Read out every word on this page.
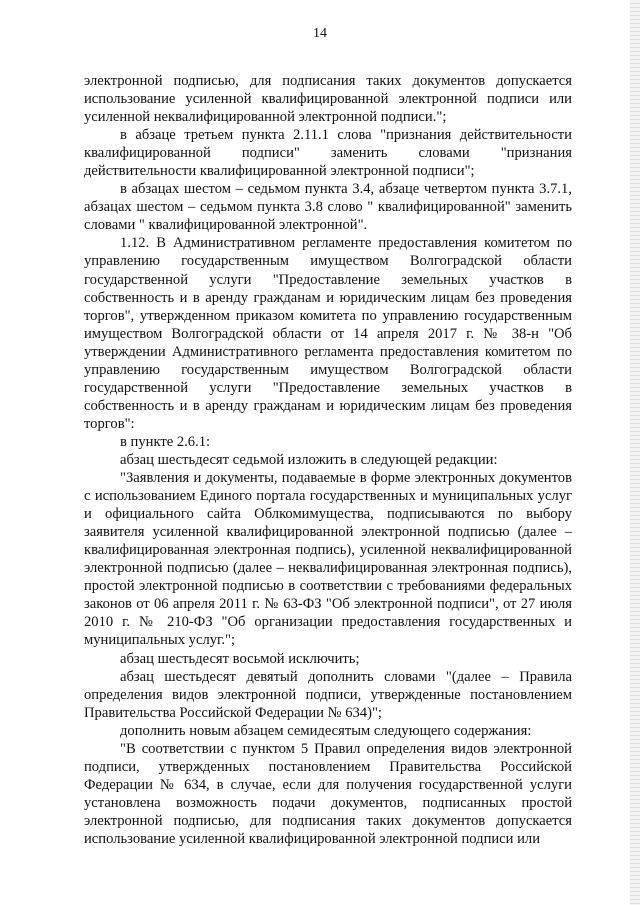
14

электронной подписью, для подписания таких документов допускается использование усиленной квалифицированной электронной подписи или усиленной неквалифицированной электронной подписи.";

в абзаце третьем пункта 2.11.1 слова "признания действительности квалифицированной подписи" заменить словами "признания действительности квалифицированной электронной подписи";

в абзацах шестом – седьмом пункта 3.4, абзаце четвертом пункта 3.7.1, абзацах шестом – седьмом пункта 3.8 слово " квалифицированной" заменить словами " квалифицированной электронной".

1.12. В Административном регламенте предоставления комитетом по управлению государственным имуществом Волгоградской области государственной услуги "Предоставление земельных участков в собственность и в аренду гражданам и юридическим лицам без проведения торгов", утвержденном приказом комитета по управлению государственным имуществом Волгоградской области от 14 апреля 2017 г. № 38-н "Об утверждении Административного регламента предоставления комитетом по управлению государственным имуществом Волгоградской области государственной услуги "Предоставление земельных участков в собственность и в аренду гражданам и юридическим лицам без проведения торгов":

в пункте 2.6.1:

абзац шестьдесят седьмой изложить в следующей редакции:

"Заявления и документы, подаваемые в форме электронных документов с использованием Единого портала государственных и муниципальных услуг и официального сайта Облкомимущества, подписываются по выбору заявителя усиленной квалифицированной электронной подписью (далее – квалифицированная электронная подпись), усиленной неквалифицированной электронной подписью (далее – неквалифицированная электронная подпись), простой электронной подписью в соответствии с требованиями федеральных законов от 06 апреля 2011 г. № 63-ФЗ "Об электронной подписи", от 27 июля 2010 г. № 210-ФЗ "Об организации предоставления государственных и муниципальных услуг.";

абзац шестьдесят восьмой исключить;

абзац шестьдесят девятый дополнить словами "(далее – Правила определения видов электронной подписи, утвержденные постановлением Правительства Российской Федерации № 634)";

дополнить новым абзацем семидесятым следующего содержания:

"В соответствии с пунктом 5 Правил определения видов электронной подписи, утвержденных постановлением Правительства Российской Федерации № 634, в случае, если для получения государственной услуги установлена возможность подачи документов, подписанных простой электронной подписью, для подписания таких документов допускается использование усиленной квалифицированной электронной подписи или
